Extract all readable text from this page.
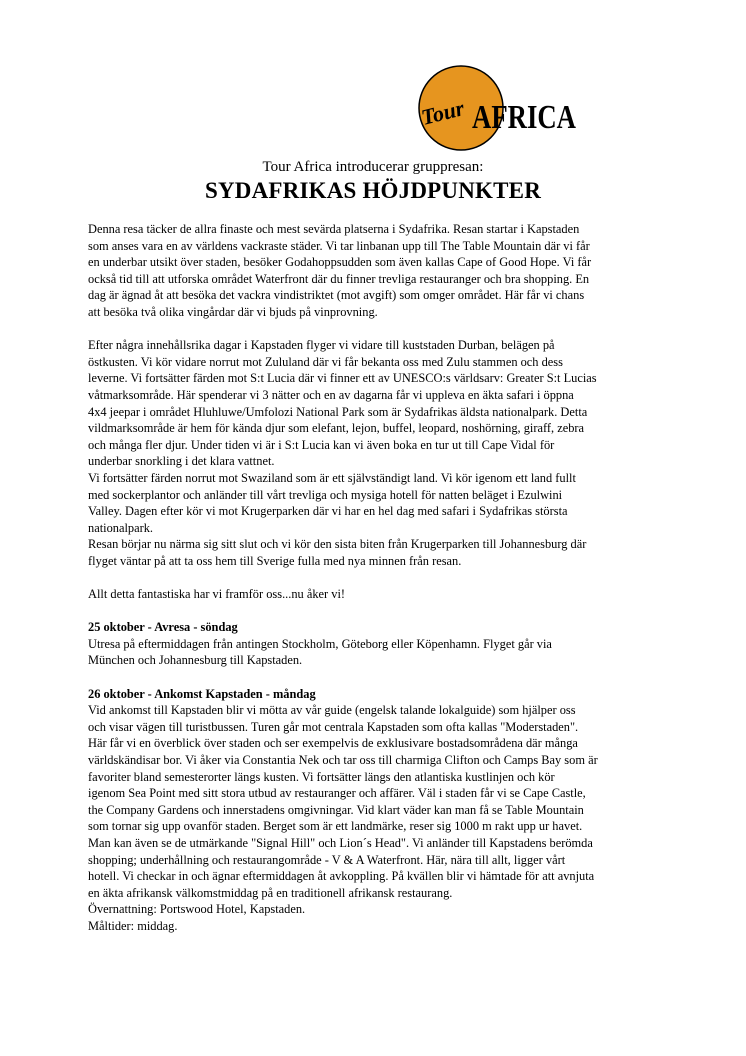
Tour AFRICA
Tour Africa introducerar gruppresan:
SYDAFRIKAS HÖJDPUNKTER

Denna resa täcker de allra finaste och mest sevärda platserna i Sydafrika. Resan startar i Kapstaden
som anses vara en av världens vackraste städer. Vi tar linbanan upp till The Table Mountain där vi får
en underbar utsikt över staden, besöker Godahoppsudden som även kallas Cape of Good Hope. Vi får
också tid till att utforska området Waterfront där du finner trevliga restauranger och bra shopping. En
dag är ägnad åt att besöka det vackra vindistriktet (mot avgift) som omger området. Här får vi chans
att besöka två olika vingårdar där vi bjuds på vinprovning.

Efter några innehållsrika dagar i Kapstaden flyger vi vidare till kuststaden Durban, belägen på
östkusten. Vi kör vidare norrut mot Zululand där vi får bekanta oss med Zulu stammen och dess
leverne. Vi fortsätter färden mot S:t Lucia där vi finner ett av UNESCO:s världsarv: Greater S:t Lucias
våtmarksområde. Här spenderar vi 3 nätter och en av dagarna får vi uppleva en äkta safari i öppna
4x4 jeepar i området Hluhluwe/Umfolozi National Park som är Sydafrikas äldsta nationalpark. Detta
vildmarksområde är hem för kända djur som elefant, lejon, buffel, leopard, noshörning, giraff, zebra
och många fler djur. Under tiden vi är i S:t Lucia kan vi även boka en tur ut till Cape Vidal för
underbar snorkling i det klara vattnet.
Vi fortsätter färden norrut mot Swaziland som är ett självständigt land. Vi kör igenom ett land fullt
med sockerplantor och anländer till vårt trevliga och mysiga hotell för natten beläget i Ezulwini
Valley. Dagen efter kör vi mot Krugerparken där vi har en hel dag med safari i Sydafrikas största
nationalpark.
Resan börjar nu närma sig sitt slut och vi kör den sista biten från Krugerparken till Johannesburg där
flyget väntar på att ta oss hem till Sverige fulla med nya minnen från resan.

Allt detta fantastiska har vi framför oss...nu åker vi!

25 oktober - Avresa - söndag

Utresa på eftermiddagen från antingen Stockholm, Göteborg eller Köpenhamn. Flyget går via
München och Johannesburg till Kapstaden.

26 oktober - Ankomst Kapstaden - måndag

Vid ankomst till Kapstaden blir vi mötta av vår guide (engelsk talande lokalguide) som hjälper oss
och visar vägen till turistbussen. Turen går mot centrala Kapstaden som ofta kallas "Moderstaden".
Här får vi en överblick över staden och ser exempelvis de exklusivare bostadsområdena där många
världskändisar bor. Vi åker via Constantia Nek och tar oss till charmiga Clifton och Camps Bay som är
favoriter bland semesterorter längs kusten. Vi fortsätter längs den atlantiska kustlinjen och kör
igenom Sea Point med sitt stora utbud av restauranger och affärer. Väl i staden får vi se Cape Castle,
the Company Gardens och innerstadens omgivningar. Vid klart väder kan man få se Table Mountain
som tornar sig upp ovanför staden. Berget som är ett landmärke, reser sig 1000 m rakt upp ur havet.
Man kan även se de utmärkande "Signal Hill" och Lion´s Head". Vi anländer till Kapstadens berömda
shopping; underhållning och restaurangområde - V & A Waterfront. Här, nära till allt, ligger vårt
hotell. Vi checkar in och ägnar eftermiddagen åt avkoppling. På kvällen blir vi hämtade för att avnjuta
en äkta afrikansk välkomstmiddag på en traditionell afrikansk restaurang.
Övernattning: Portswood Hotel, Kapstaden.
Måltider: middag.
